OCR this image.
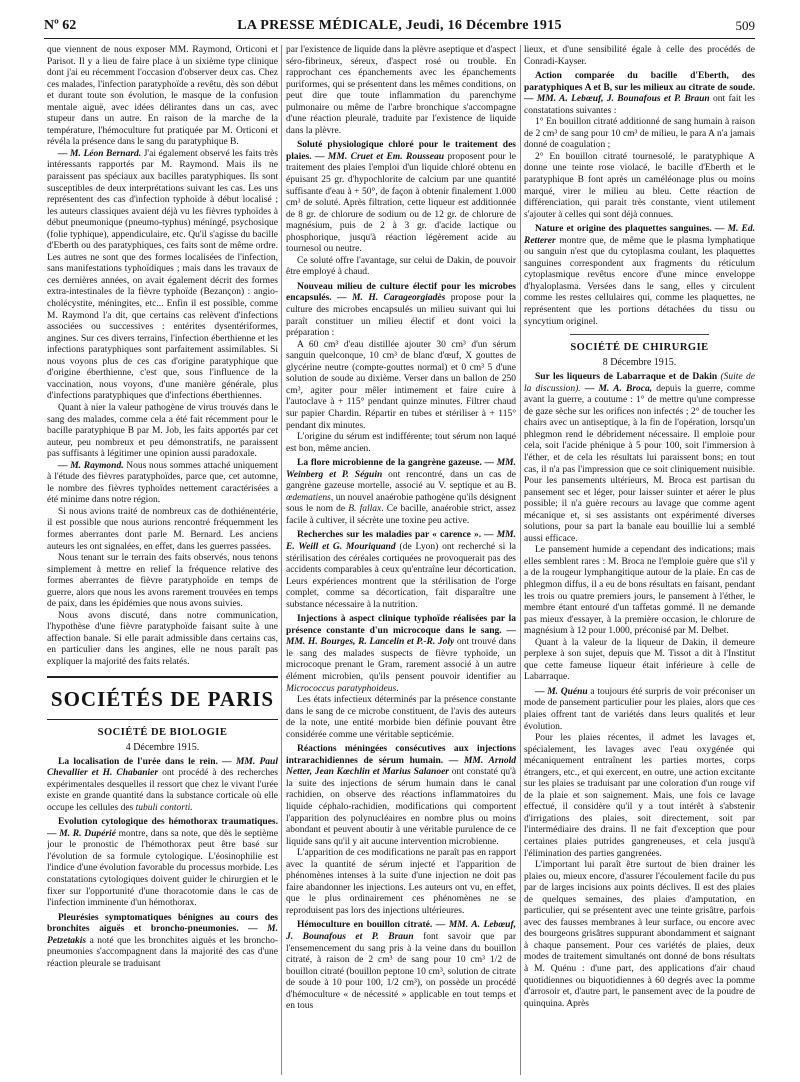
Nº 62	LA PRESSE MÉDICALE, Jeudi, 16 Décembre 1915	509

que viennent de nous exposer MM. Raymond, Orticoni et Parisot. Il y a lieu de faire place à un sixième type clinique dont j'ai eu récemment l'occasion d'observer deux cas. Chez ces malades, l'infection paratyphoïde a revêtu, dès son début et durant toute son évolution, le masque de la confusion mentale aiguë, avec idées délirantes dans un cas, avec stupeur dans un autre. En raison de la marche de la température, l'hémoculture fut pratiquée par M. Orticoni et révéla la présence dans le sang du paratyphique B.

— M. Léon Bernard. J'ai également observé les faits très intéressants rapportés par M. Raymond. Mais ils ne paraissent pas spéciaux aux bacilles paratyphiques. Ils sont susceptibles de deux interprétations suivant les cas. Les uns représentent des cas d'infection typhoïde à début localisé ; les auteurs classiques avaient déjà vu les fièvres typhoïdes à début pneumonique (pneumo-typhus) méningé, psychosique (folie typhique), appendiculaire, etc. Qu'il s'agisse du bacille d'Eberth ou des paratyphiques, ces faits sont de même ordre. Les autres ne sont que des formes localisées de l'infection, sans manifestations typhoïdiques ; mais dans les travaux de ces dernières années, on avait également décrit des formes extra-intestinales de la fièvre typhoïde (Bezançon) : angio-cholécystite, méningites, etc... Enfin il est possible, comme M. Raymond l'a dit, que certains cas relèvent d'infections associées ou successives : entérites dysentériformes, angines. Sur ces divers terrains, l'infection éberthienne et les infections paratyphiques sont parfaitement assimilables. Si nous voyons plus de ces cas d'origine paratyphique que d'origine éberthienne, c'est que, sous l'influence de la vaccination, nous voyons, d'une manière générale, plus d'infections paratyphiques que d'infections éberthiennes.

Quant à nier la valeur pathogène de virus trouvés dans le sang des malades, comme cela a été fait récemment pour le bacille paratyphique B par M. Job, les faits apportés par cet auteur, peu nombreux et peu démonstratifs, ne paraissent pas suffisants à légitimer une opinion aussi paradoxale.

— M. Raymond. Nous nous sommes attaché uniquement à l'étude des fièvres paratyphoïdes, parce que, cet automne, le nombre des fièvres typhoïdes nettement caractérisées a été minime dans notre région.

Si nous avions traité de nombreux cas de dothiénentérie, il est possible que nous aurions rencontré fréquemment les formes aberrantes dont parle M. Bernard. Les anciens auteurs les ont signalées, en effet, dans les guerres passées.

Nous tenant sur le terrain des faits observés, nous tenons simplement à mettre en relief la fréquence relative des formes aberrantes de fièvre paratyphoïde en temps de guerre, alors que nous les avons rarement trouvées en temps de paix, dans les épidémies que nous avons suivies.

Nous avons discuté, dans notre communication, l'hypothèse d'une fièvre paratyphoïde faisant suite à une affection banale. Si elle parait admissible dans certains cas, en particulier dans les angines, elle ne nous paraît pas expliquer la majorité des faits relatés.

SOCIÉTÉS DE PARIS
SOCIÉTÉ DE BIOLOGIE
4 Décembre 1915.

La localisation de l'urée dans le rein. — MM. Paul Chevallier et H. Chabanier ont procédé à des recherches expérimentales desquelles il ressort que chez le vivant l'urée existe en grande quantité dans la substance corticale où elle occupe les cellules des tubuli contorti.

Evolution cytologique des hémothorax traumatiques. — M. R. Dupérié montre, dans sa note, que dès le septième jour le pronostic de l'hémothorax peut être basé sur l'évolution de sa formule cytologique. L'éosinophilie est l'indice d'une évolution favorable du processus morbide. Les constatations cytologiques doivent guider le chirurgien et le fixer sur l'opportunité d'une thoracotomie dans le cas de l'infection imminente d'un hémothorax.

Pleurésies symptomatiques bénignes au cours des bronchites aiguës et broncho-pneumonies. — M. Petzetakis a noté que les bronchites aiguës et les broncho-pneumonies s'accompagnent dans la majorité des cas d'une réaction pleurale se traduisant

par l'existence de liquide dans la plèvre aseptique et d'aspect séro-fibrineux, séreux, d'aspect rosé ou trouble. En rapprochant ces épanchements avec les épanchements puriformes, qui se présentent dans les mêmes conditions, on peut dire que toute inflammation du parenchyme pulmonaire ou même de l'arbre bronchique s'accompagne d'une réaction pleurale, traduite par l'existence de liquide dans la plèvre.

Soluté physiologique chloré pour le traitement des plaies. — MM. Cruet et Em. Rousseau proposent pour le traitement des plaies l'emploi d'un liquide chloré obtenu en épuisant 25 gr. d'hypochlorite de calcium par une quantité suffisante d'eau à + 50°, de façon à obtenir finalement 1.000 cm³ de soluté. Après filtration, cette liqueur est additionnée de 8 gr. de chlorure de sodium ou de 12 gr. de chlorure de magnésium, puis de 2 à 3 gr. d'acide lactique ou phosphorique, jusqu'à réaction légèrement acide au tournesol ou neutre.

Ce soluté offre l'avantage, sur celui de Dakin, de pouvoir être employé à chaud.

Nouveau milieu de culture électif pour les microbes encapsulés. — M. H. Carageorgiadès propose pour la culture des microbes encapsulés un milieu suivant qui lui paraît constituer un milieu électif et dont voici la préparation :

A 60 cm³ d'eau distillée ajouter 30 cm³ d'un sérum sanguin quelconque, 10 cm³ de blanc d'œuf, X gouttes de glycérine neutre (compte-gouttes normal) et 0 cm³ 5 d'une solution de soude au dixième. Verser dans un ballon de 250 cm³, agiter pour mêler intimement et faire cuire à l'autoclave à + 115° pendant quinze minutes. Filtrer chaud sur papier Chardin. Répartir en tubes et stériliser à + 115° pendant dix minutes.

L'origine du sérum est indifférente; tout sérum non laqué est bon, même ancien.

La flore microbienne de la gangrène gazeuse. — MM. Weinberg et P. Séguin ont rencontré, dans un cas de gangrène gazeuse mortelle, associé au V. septique et au B. œdematiens, un nouvel anaérobie pathogène qu'ils désignent sous le nom de B. fallax. Ce bacille, anaérobie strict, assez facile à cultiver, il sécrète une toxine peu active.

Recherches sur les maladies par « carence ». — MM. E. Weill et G. Mouriquand (de Lyon) ont recherché si la stérilisation des céréales cortiquées ne provoquerait pas des accidents comparables à ceux qu'entraîne leur décortication. Leurs expériences montrent que la stérilisation de l'orge complet, comme sa décortication, fait disparaître une substance nécessaire à la nutrition.

Injections à aspect clinique typhoïde réalisées par la présence constante d'un microcoque dans le sang. — MM. H. Bourges, R. Lancelin et P.-R. Joly ont trouvé dans le sang des malades suspects de fièvre typhoïde, un microcoque prenant le Gram, rarement associé à un autre élément microbien, qu'ils pensent pouvoir identifier au Micrococcus paratyphoideus.

Les états infectieux déterminés par la présence constante dans le sang de ce microbe constituent, de l'avis des auteurs de la note, une entité morbide bien définie pouvant être considérée comme une véritable septicémie.

Réactions méningées consécutives aux injections intrarachidiennes de sérum humain. — MM. Arnold Netter, Jean Kœchlin et Marius Salanoer ont constaté qu'à la suite des injections de sérum humain dans le canal rachidien, on observe des réactions inflammatoires du liquide céphalo-rachidien, modifications qui comportent l'apparition des polynucléaires en nombre plus ou moins abondant et peuvent aboutir à une véritable purulence de ce liquide sans qu'il y ait aucune intervention microbienne.

L'apparition de ces modifications ne paraît pas en rapport avec la quantité de sérum injecté et l'apparition de phénomènes intenses à la suite d'une injection ne doit pas faire abandonner les injections. Les auteurs ont vu, en effet, que le plus ordinairement ces phénomènes ne se reproduisent pas lors des injections ultérieures.

Hémoculture en bouillon citraté. — MM. A. Lebœuf, J. Bounafous et P. Braun font savoir que par l'ensemencement du sang pris à la veine dans du bouillon citraté, à raison de 2 cm³ de sang pour 10 cm³ 1/2 de bouillon citraté (bouillon peptone 10 cm³, solution de citrate de soude à 10 pour 100, 1/2 cm³), on possède un procédé d'hémoculture « de nécessité » applicable en tout temps et en tous

lieux, et d'une sensibilité égale à celle des procédés de Conradi-Kayser.

Action comparée du bacille d'Eberth, des paratyphiques A et B, sur les milieux au citrate de soude. — MM. A. Lebœuf, J. Bounafous et P. Braun ont fait les constatations suivantes :

1° En bouillon citraté additionné de sang humain à raison de 2 cm³ de sang pour 10 cm³ de milieu, le para A n'a jamais donné de coagulation ;

2° En bouillon citraté tournesolé, le paratyphique A donne une teinte rose violacé, le bacille d'Eberth et le paratyphique B font après un caméléonage plus ou moins marqué, virer le milieu au bleu. Cette réaction de différenciation, qui parait très constante, vient utilement s'ajouter à celles qui sont déjà connues.

Nature et origine des plaquettes sanguines. — M. Ed. Retterer montre que, de même que le plasma lymphatique ou sanguin n'est que du cytoplasma coulant, les plaquettes sanguines correspondent aux fragments du réticulum cytoplasmique revêtus encore d'une mince enveloppe d'hyaloplasma. Versées dans le sang, elles y circulent comme les restes cellulaires qui, comme les plaquettes, ne représentent que les portions détachées du tissu ou syncytium originel.

SOCIÉTÉ DE CHIRURGIE
8 Décembre 1915.

Sur les liqueurs de Labarraque et de Dakin (Suite de la discussion). — M. A. Broca, depuis la guerre, comme avant la guerre, a coutume : 1° de mettre qu'une compresse de gaze sèche sur les orifices non infectés ; 2° de toucher les chairs avec un antiseptique, à la fin de l'opération, lorsqu'un phlegmon rend le débridement nécessaire. Il emploie pour cela, soit l'acide phénique à 5 pour 100, soit l'immersion à l'éther, et de cela les résultats lui paraissent bons; en tout cas, il n'a pas l'impression que ce soit cliniquement nuisible. Pour les pansements ultérieurs, M. Broca est partisan du pansement sec et léger, pour laisser suinter et aérer le plus possible; il n'a guère recours au lavage que comme agent mécanique et, si ses assistants ont expérimenté diverses solutions, pour sa part la banale eau bouillie lui a semblé aussi efficace.

Le pansement humide a cependant des indications; mais elles semblent rares : M. Broca ne l'emploie guère que s'il y a de la rougeur lymphangitique autour de la plaie. En cas de phlegmon diffus, il a eu de bons résultats en faisant, pendant les trois ou quatre premiers jours, le pansement à l'éther, le membre étant entouré d'un taffetas gommé. Il ne demande pas mieux d'essayer, à la première occasion, le chlorure de magnésium à 12 pour 1.000, préconisé par M. Delbet.

Quant à la valeur de la liqueur de Dakin, il demeure perplexe à son sujet, depuis que M. Tissot a dit à l'Institut que cette fameuse liqueur était inférieure à celle de Labarraque.

— M. Quénu a toujours été surpris de voir préconiser un mode de pansement particulier pour les plaies, alors que ces plaies offrent tant de variétés dans leurs qualités et leur évolution.

Pour les plaies récentes, il admet les lavages et, spécialement, les lavages avec l'eau oxygénée qui mécaniquement entraînent les parties mortes, corps étrangers, etc., et qui exercent, en outre, une action excitante sur les plaies se traduisant par une coloration d'un rouge vif de la plaie et son saignement. Mais, une fois ce lavage effectué, il considère qu'il y a tout intérêt à s'abstenir d'irrigations des plaies, soit directement, soit par l'intermédiaire des drains. Il ne fait d'exception que pour certaines plaies putrides gangreneuses, et cela jusqu'à l'élimination des parties gangrenées.

L'important lui paraît être surtout de bien drainer les plaies ou, mieux encore, d'assurer l'écoulement facile du pus par de larges incisions aux points déclives. Il est des plaies de quelques semaines, des plaies d'amputation, en particulier, qui se présentent avec une teinte grisâtre, parfois avec des fausses membranes à leur surface, ou encore avec des bourgeons grisâtres suppurant abondamment et saignant à chaque pansement. Pour ces variétés de plaies, deux modes de traitement simultanés ont donné de bons résultats à M. Quénu : d'une part, des applications d'air chaud quotidiennes ou biquotidiennes à 60 degrés avec la pomme d'arrosoir et, d'autre part, le pansement avec de la poudre de quinquina. Après
